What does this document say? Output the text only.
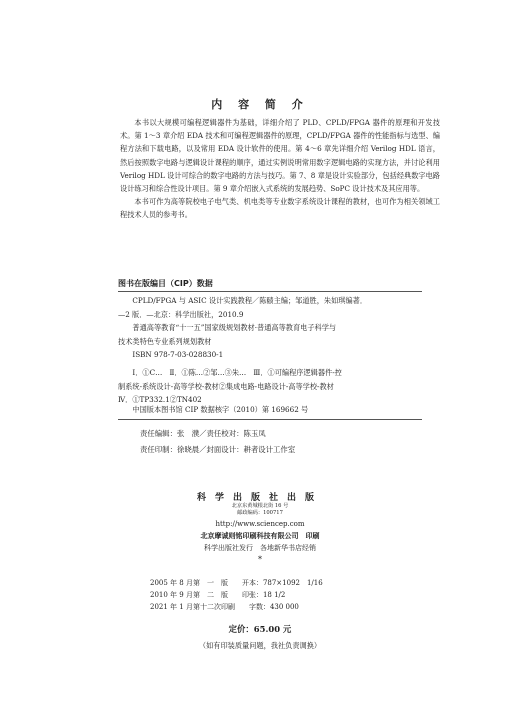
内 容 简 介

本书以大规模可编程逻辑器件为基础，详细介绍了 PLD、CPLD/FPGA 器件的原理和开发技术。第 1～3 章介绍 EDA 技术和可编程逻辑器件的原理，CPLD/FPGA 器件的性能指标与选型、编程方法和下载电路，以及常用 EDA 设计软件的使用。第 4～6 章先详细介绍 Verilog HDL 语言，然后按照数字电路与逻辑设计课程的顺序，通过实例说明常用数字逻辑电路的实现方法，并讨论利用 Verilog HDL 设计可综合的数字电路的方法与技巧。第 7、8 章是设计实验部分，包括经典数字电路设计练习和综合性设计项目。第 9 章介绍嵌入式系统的发展趋势、SoPC 设计技术及其应用等。

本书可作为高等院校电子电气类、机电类等专业数字系统设计课程的教材，也可作为相关领域工程技术人员的参考书。

图书在版编目（CIP）数据
CPLD/FPGA 与 ASIC 设计实践教程／陈赜主编；邹道胜，朱如琪编著．
—2 版．—北京：科学出版社，2010.9
普通高等教育“十一五”国家级规划教材·普通高等教育电子科学与
技术类特色专业系列规划教材
ISBN 978-7-03-028830-1
Ⅰ．①C…　Ⅱ．①陈…②邹…③朱…　Ⅲ．①可编程序逻辑器件-控
制系统-系统设计-高等学校-教材②集成电路-电路设计-高等学校-教材
Ⅳ．①TP332.1②TN402
中国版本图书馆 CIP 数据核字（2010）第 169662 号
责任编辑：张　濮／责任校对：陈玉凤
责任印制：徐晓晨／封面设计：耕者设计工作室
科学出版社出版
北京东黄城根北街 16 号
邮政编码：100717
http://www.sciencep.com
北京摩诚则铭印刷科技有限公司　印刷
科学出版社发行　各地新华书店经销
*
2005 年 8 月第　一　版　　开本：787×1092　1/16
2010 年 9 月第　二　版　　印张：18 1/2
2021 年 1 月第十二次印刷　　字数：430 000
定价：65.00 元
（如有印装质量问题，我社负责调换）
